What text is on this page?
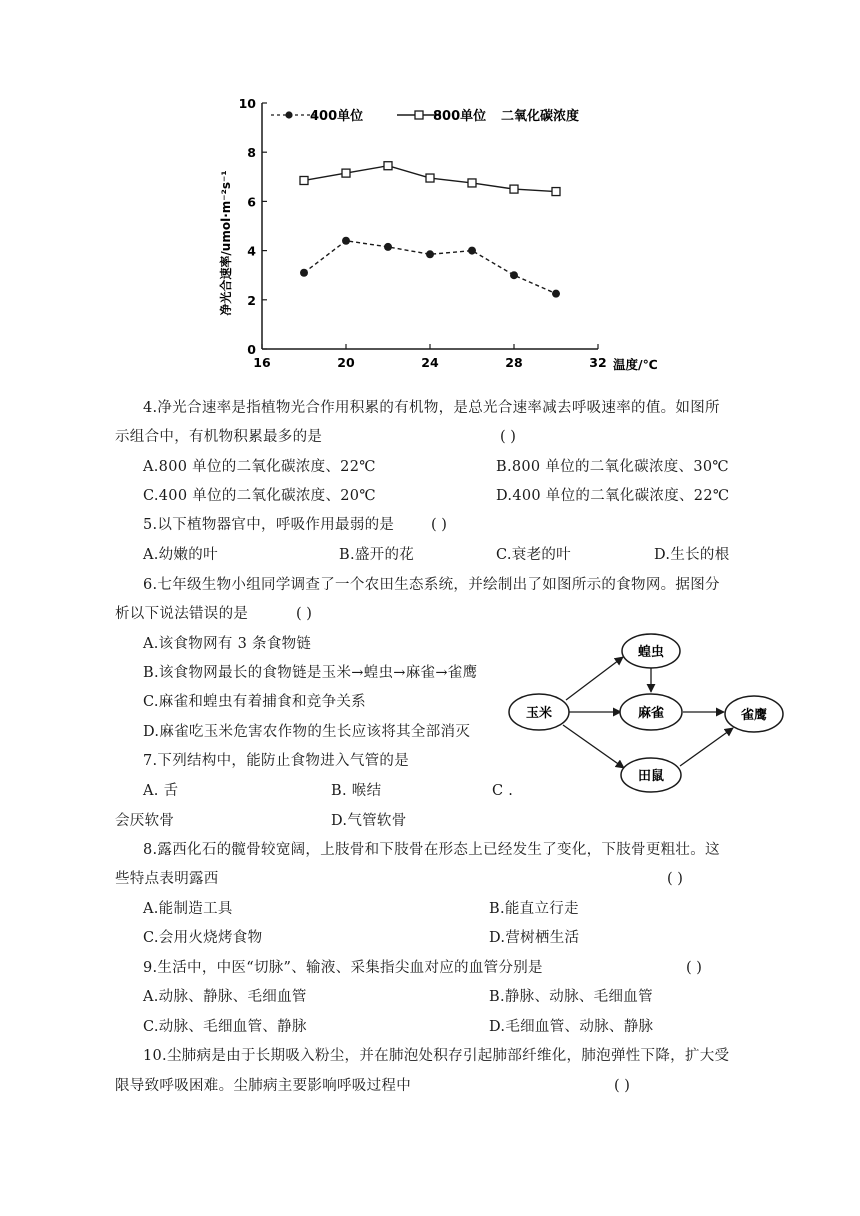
0
2
4
6
8
10
16	20	24	28	32
400单位	800单位 二氧化碳浓度
净光合速率/umol·m⁻²s⁻¹
温度/℃
玉米
蝗虫
麻雀
田鼠
雀鹰
4.净光合速率是指植物光合作用积累的有机物，是总光合速率减去呼吸速率的值。如图所
示组合中，有机物积累最多的是	( )
A.800 单位的二氧化碳浓度、22℃	B.800 单位的二氧化碳浓度、30℃
C.400 单位的二氧化碳浓度、20℃	D.400 单位的二氧化碳浓度、22℃
5.以下植物器官中，呼吸作用最弱的是	( )
A.幼嫩的叶	B.盛开的花	C.衰老的叶	D.生长的根
6.七年级生物小组同学调查了一个农田生态系统，并绘制出了如图所示的食物网。据图分
析以下说法错误的是	( )
A.该食物网有 3 条食物链
B.该食物网最长的食物链是玉米→蝗虫→麻雀→雀鹰
C.麻雀和蝗虫有着捕食和竞争关系
D.麻雀吃玉米危害农作物的生长应该将其全部消灭
7.下列结构中，能防止食物进入气管的是
A. 舌	B. 喉结	C .
会厌软骨	D.气管软骨
8.露西化石的髋骨较宽阔，上肢骨和下肢骨在形态上已经发生了变化，下肢骨更粗壮。这
些特点表明露西	( )
A.能制造工具	B.能直立行走
C.会用火烧烤食物	D.营树栖生活
9.生活中，中医“切脉”、输液、采集指尖血对应的血管分别是	( )
A.动脉、静脉、毛细血管	B.静脉、动脉、毛细血管
C.动脉、毛细血管、静脉	D.毛细血管、动脉、静脉
10.尘肺病是由于长期吸入粉尘，并在肺泡处积存引起肺部纤维化，肺泡弹性下降，扩大受
限导致呼吸困难。尘肺病主要影响呼吸过程中	( )
